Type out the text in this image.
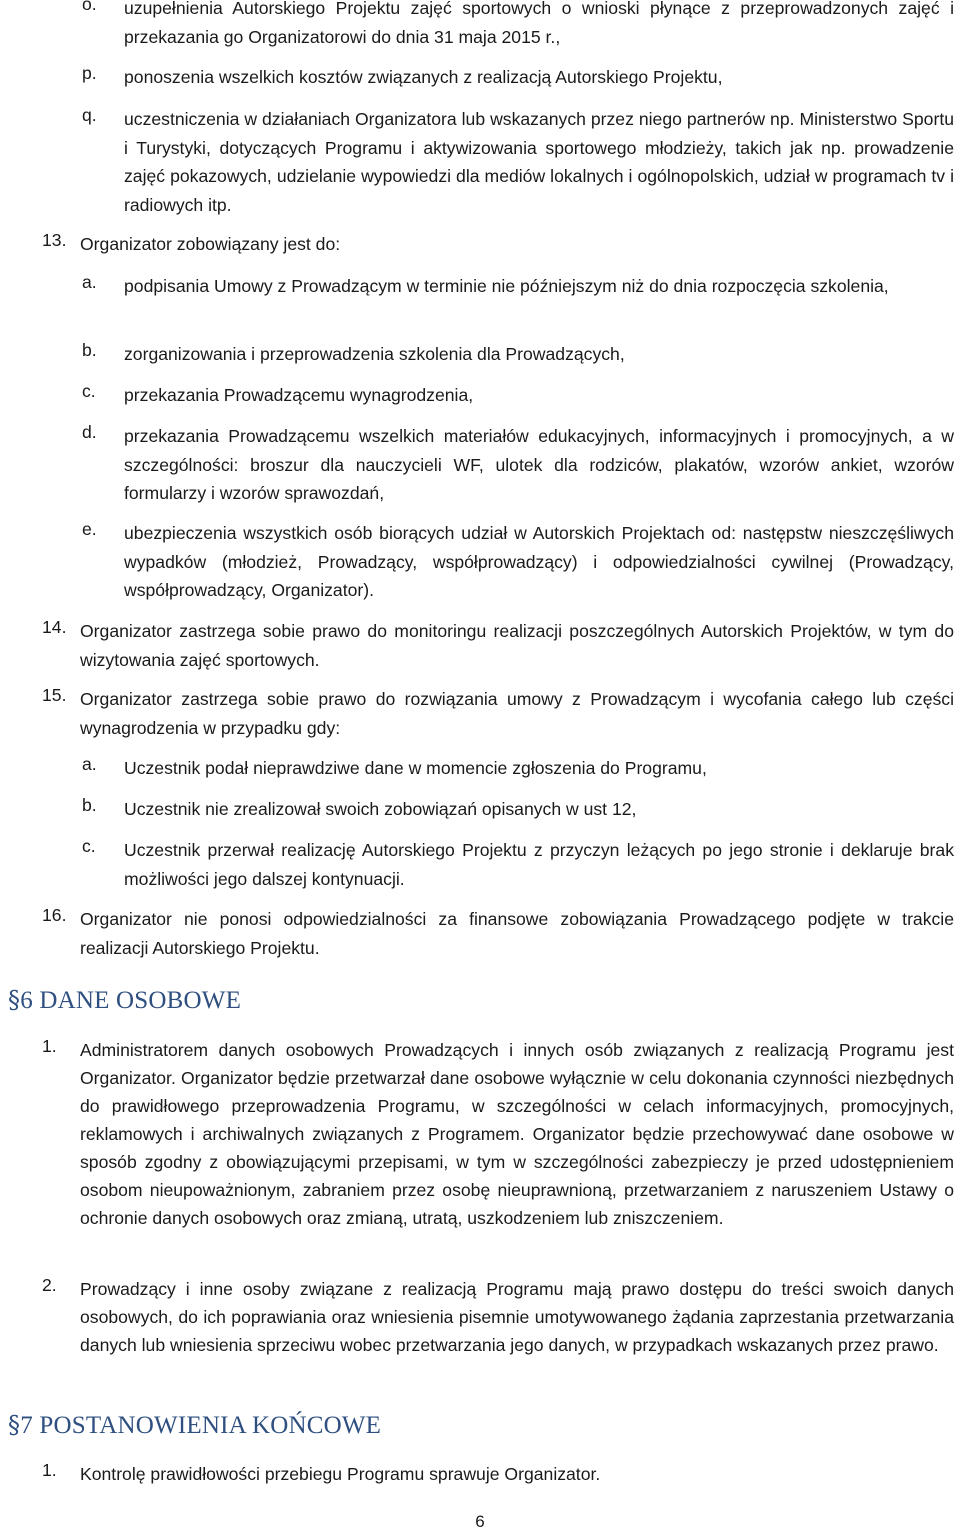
o.	uzupełnienia Autorskiego Projektu zajęć sportowych o wnioski płynące z przeprowadzonych zajęć i przekazania go Organizatorowi do dnia 31 maja 2015 r.,
p.	ponoszenia wszelkich kosztów związanych z realizacją Autorskiego Projektu,
q.	uczestniczenia w działaniach Organizatora lub wskazanych przez niego partnerów np. Ministerstwo Sportu i Turystyki, dotyczących Programu i aktywizowania sportowego młodzieży, takich jak np. prowadzenie zajęć pokazowych, udzielanie wypowiedzi dla mediów lokalnych i ogólnopolskich, udział w programach tv i radiowych itp.
13. Organizator zobowiązany jest do:
a.	podpisania Umowy z Prowadzącym w terminie nie późniejszym niż do dnia rozpoczęcia szkolenia,
b.	zorganizowania i przeprowadzenia szkolenia dla Prowadzących,
c.	przekazania Prowadzącemu wynagrodzenia,
d.	przekazania Prowadzącemu wszelkich materiałów edukacyjnych, informacyjnych i promocyjnych, a w szczególności: broszur dla nauczycieli WF, ulotek dla rodziców, plakatów, wzorów ankiet, wzorów formularzy i wzorów sprawozdań,
e.	ubezpieczenia wszystkich osób biorących udział w Autorskich Projektach od: następstw nieszczęśliwych wypadków (młodzież, Prowadzący, współprowadzący) i odpowiedzialności cywilnej (Prowadzący, współprowadzący, Organizator).
14. Organizator zastrzega sobie prawo do monitoringu realizacji poszczególnych Autorskich Projektów, w tym do wizytowania zajęć sportowych.
15. Organizator zastrzega sobie prawo do rozwiązania umowy z Prowadzącym i wycofania całego lub części wynagrodzenia w przypadku gdy:
a.	Uczestnik podał nieprawdziwe dane w momencie zgłoszenia do Programu,
b.	Uczestnik nie zrealizował swoich zobowiązań opisanych w ust 12,
c.	Uczestnik przerwał realizację Autorskiego Projektu z przyczyn leżących po jego stronie i deklaruje brak możliwości jego dalszej kontynuacji.
16. Organizator nie ponosi odpowiedzialności za finansowe zobowiązania Prowadzącego podjęte w trakcie realizacji Autorskiego Projektu.
§6 DANE OSOBOWE
1.	Administratorem danych osobowych Prowadzących i innych osób związanych z realizacją Programu jest Organizator. Organizator będzie przetwarzał dane osobowe wyłącznie w celu dokonania czynności niezbędnych do prawidłowego przeprowadzenia Programu, w szczególności w celach informacyjnych, promocyjnych, reklamowych i archiwalnych związanych z Programem. Organizator będzie przechowywać dane osobowe w sposób zgodny z obowiązującymi przepisami, w tym w szczególności zabezpieczy je przed udostępnieniem osobom nieupoważnionym, zabraniem przez osobę nieuprawnioną, przetwarzaniem z naruszeniem Ustawy o ochronie danych osobowych oraz zmianą, utratą, uszkodzeniem lub zniszczeniem.
2.	Prowadzący i inne osoby związane z realizacją Programu mają prawo dostępu do treści swoich danych osobowych, do ich poprawiania oraz wniesienia pisemnie umotywowanego żądania zaprzestania przetwarzania danych lub wniesienia sprzeciwu wobec przetwarzania jego danych, w przypadkach wskazanych przez prawo.
§7 POSTANOWIENIA KOŃCOWE
1.	Kontrolę prawidłowości przebiegu Programu sprawuje Organizator.
6
